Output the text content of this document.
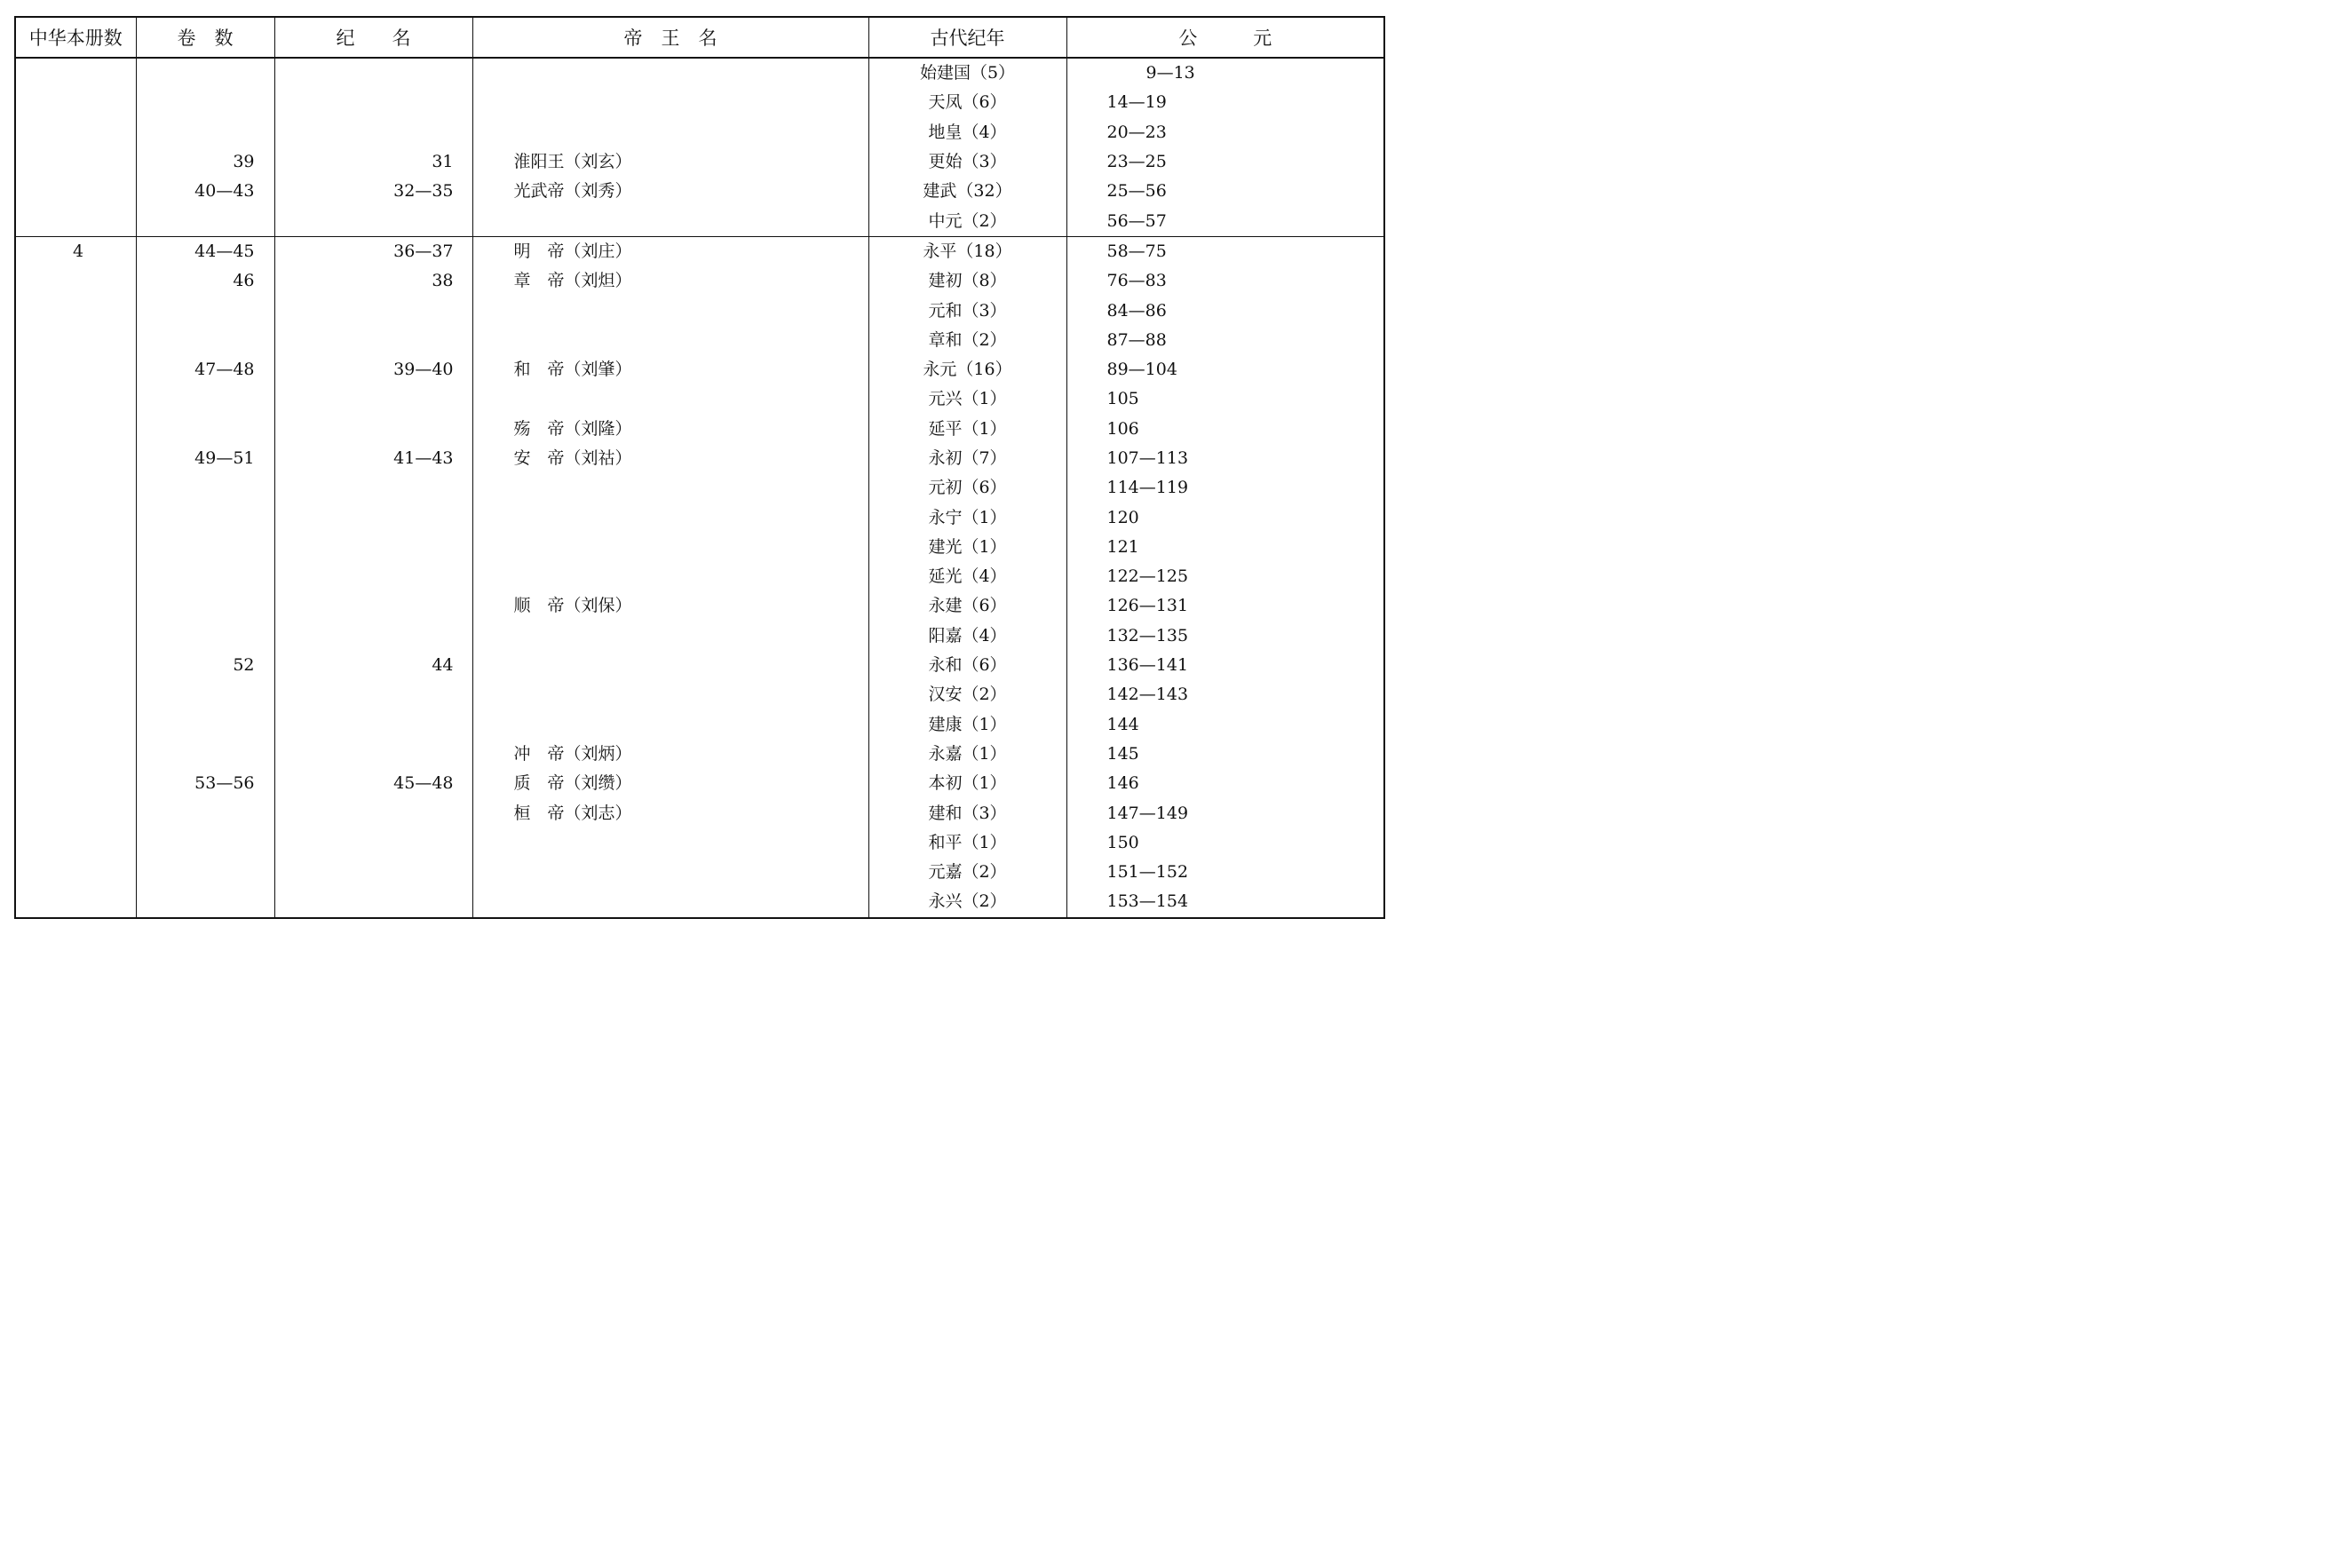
中华本册数	卷　数	纪　　名	帝　王　名	古代纪年	公　　　元
				始建国（5）	9—13
				天凤（6）	14—19
				地皇（4）	20—23
	39	31	淮阳王（刘玄）	更始（3）	23—25
	40—43	32—35	光武帝（刘秀）	建武（32）	25—56
				中元（2）	56—57
4	44—45	36—37	明　帝（刘庄）	永平（18）	58—75
	46	38	章　帝（刘炟）	建初（8）	76—83
				元和（3）	84—86
				章和（2）	87—88
	47—48	39—40	和　帝（刘肇）	永元（16）	89—104
				元兴（1）	105
			殇　帝（刘隆）	延平（1）	106
	49—51	41—43	安　帝（刘祜）	永初（7）	107—113
				元初（6）	114—119
				永宁（1）	120
				建光（1）	121
				延光（4）	122—125
			顺　帝（刘保）	永建（6）	126—131
				阳嘉（4）	132—135
	52	44		永和（6）	136—141
				汉安（2）	142—143
				建康（1）	144
			冲　帝（刘炳）	永嘉（1）	145
	53—56	45—48	质　帝（刘缵）	本初（1）	146
			桓　帝（刘志）	建和（3）	147—149
				和平（1）	150
				元嘉（2）	151—152
				永兴（2）	153—154
